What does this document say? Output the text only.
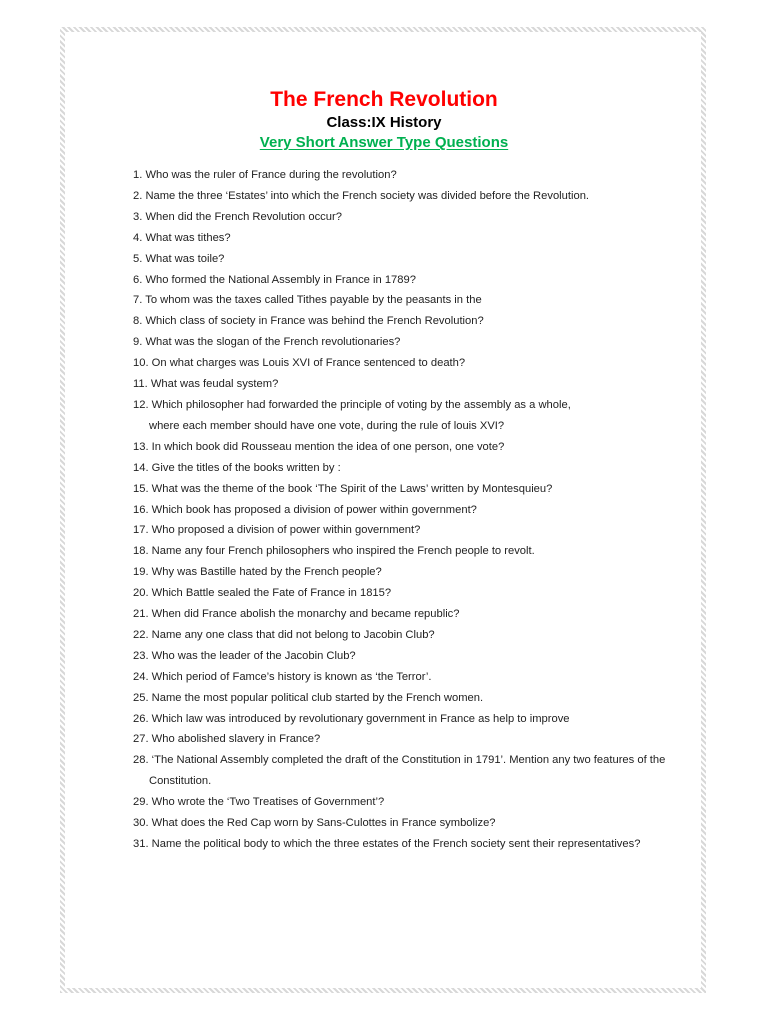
The French Revolution
Class:IX History
Very Short Answer Type Questions
1. Who was the ruler of France during the revolution?
2. Name the three ‘Estates’ into which the French society was divided before the Revolution.
3. When did the French Revolution occur?
4. What was tithes?
5. What was toile?
6. Who formed the National Assembly in France in 1789?
7. To whom was the taxes called Tithes payable by the peasants in the
8. Which class of society in France was behind the French Revolution?
9. What was the slogan of the French revolutionaries?
10. On what charges was Louis XVI of France sentenced to death?
11. What was feudal system?
12. Which philosopher had forwarded the principle of voting by the assembly as a whole,
where each member should have one vote, during the rule of louis XVI?
13. In which book did Rousseau mention the idea of one person, one vote?
14. Give the titles of the books written by :
15. What was the theme of the book ‘The Spirit of the Laws’ written by Montesquieu?
16. Which book has proposed a division of power within government?
17. Who proposed a division of power within government?
18. Name any four French philosophers who inspired the French people to revolt.
19. Why was Bastille hated by the French people?
20. Which Battle sealed the Fate of France in 1815?
21. When did France abolish the monarchy and became republic?
22. Name any one class that did not belong to Jacobin Club?
23. Who was the leader of the Jacobin Club?
24. Which period of Famce’s history is known as ‘the Terror’.
25. Name the most popular political club started by the French women.
26. Which law was introduced by revolutionary government in France as help to improve
27. Who abolished slavery in France?
28. ‘The National Assembly completed the draft of the Constitution in 1791’. Mention any two features of the
Constitution.
29. Who wrote the ‘Two Treatises of Government’?
30. What does the Red Cap worn by Sans-Culottes in France symbolize?
31. Name the political body to which the three estates of the French society sent their representatives?
